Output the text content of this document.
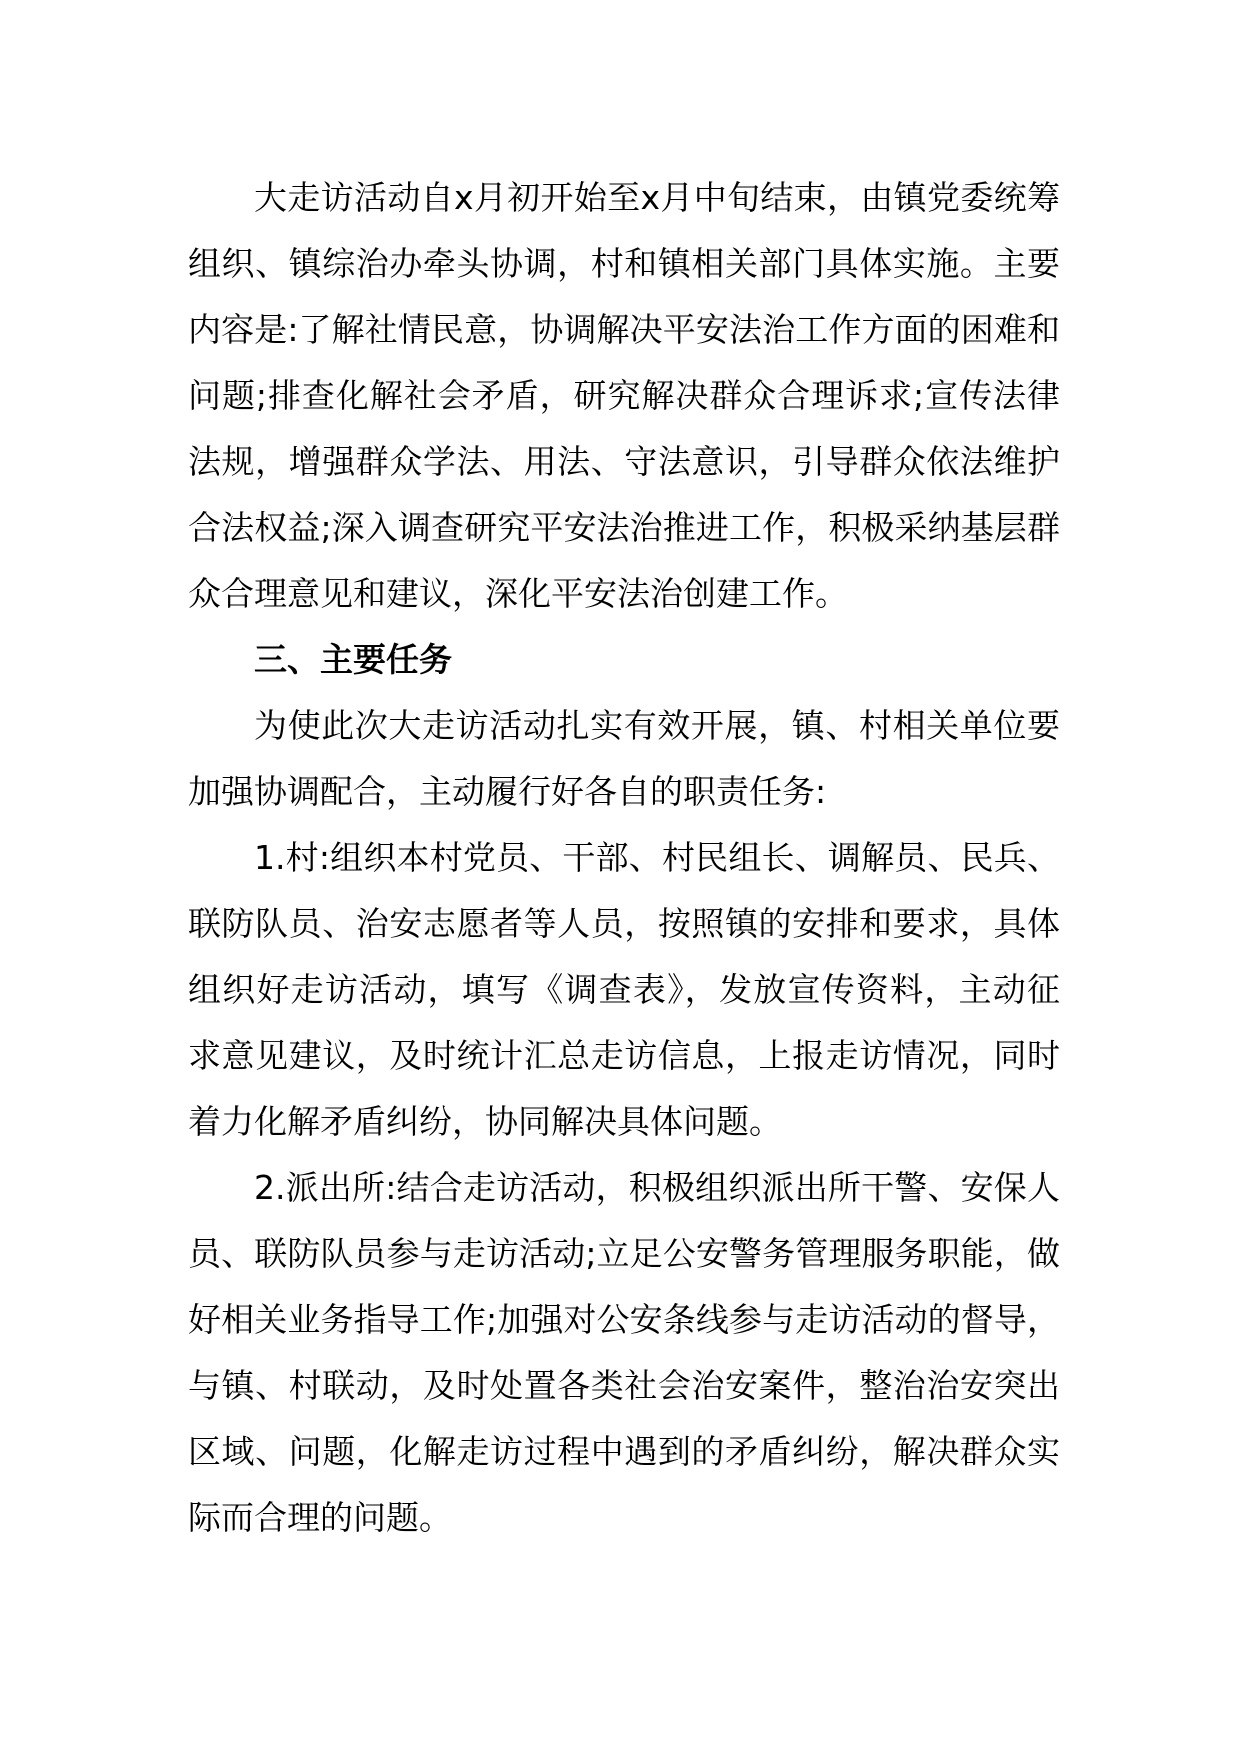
大走访活动自x月初开始至x月中旬结束，由镇党委统筹组织、镇综治办牵头协调，村和镇相关部门具体实施。主要内容是:了解社情民意，协调解决平安法治工作方面的困难和问题;排查化解社会矛盾，研究解决群众合理诉求;宣传法律法规，增强群众学法、用法、守法意识，引导群众依法维护合法权益;深入调查研究平安法治推进工作，积极采纳基层群众合理意见和建议，深化平安法治创建工作。

三、主要任务

为使此次大走访活动扎实有效开展，镇、村相关单位要加强协调配合，主动履行好各自的职责任务:

1.村:组织本村党员、干部、村民组长、调解员、民兵、联防队员、治安志愿者等人员，按照镇的安排和要求，具体组织好走访活动，填写《调查表》，发放宣传资料，主动征求意见建议，及时统计汇总走访信息，上报走访情况，同时着力化解矛盾纠纷，协同解决具体问题。

2.派出所:结合走访活动，积极组织派出所干警、安保人员、联防队员参与走访活动;立足公安警务管理服务职能，做好相关业务指导工作;加强对公安条线参与走访活动的督导，与镇、村联动，及时处置各类社会治安案件，整治治安突出区域、问题，化解走访过程中遇到的矛盾纠纷，解决群众实际而合理的问题。
